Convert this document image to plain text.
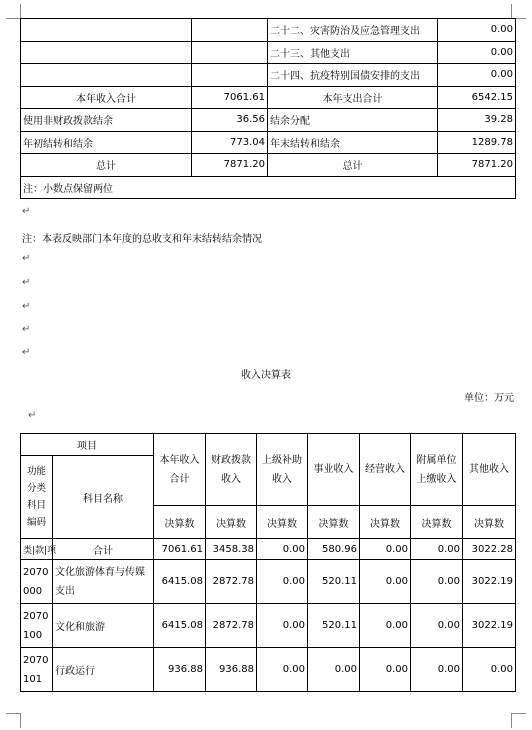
		二十二、灾害防治及应急管理支出	0.00
		二十三、其他支出	0.00
		二十四、抗疫特别国债安排的支出	0.00
本年收入合计	7061.61	本年支出合计	6542.15
使用非财政拨款结余	36.56	结余分配	39.28
年初结转和结余	773.04	年末结转和结余	1289.78
总计	7871.20	总计	7871.20
注：小数点保留两位			
↵
注：本表反映部门本年度的总收支和年末结转结余情况
↵
↵
↵
↵
↵
收入决算表
单位：万元
↵
项目		本年收入合计	财政拨款收入	上级补助收入	事业收入	经营收入	附属单位上缴收入	其他收入
功能分类科目编码	科目名称							
		决算数	决算数	决算数	决算数	决算数	决算数	决算数
类|款|项	合计	7061.61	3458.38	0.00	580.96	0.00	0.00	3022.28
2070000	文化旅游体育与传媒支出	6415.08	2872.78	0.00	520.11	0.00	0.00	3022.19
2070100	文化和旅游	6415.08	2872.78	0.00	520.11	0.00	0.00	3022.19
2070101	行政运行	936.88	936.88	0.00	0.00	0.00	0.00	0.00
